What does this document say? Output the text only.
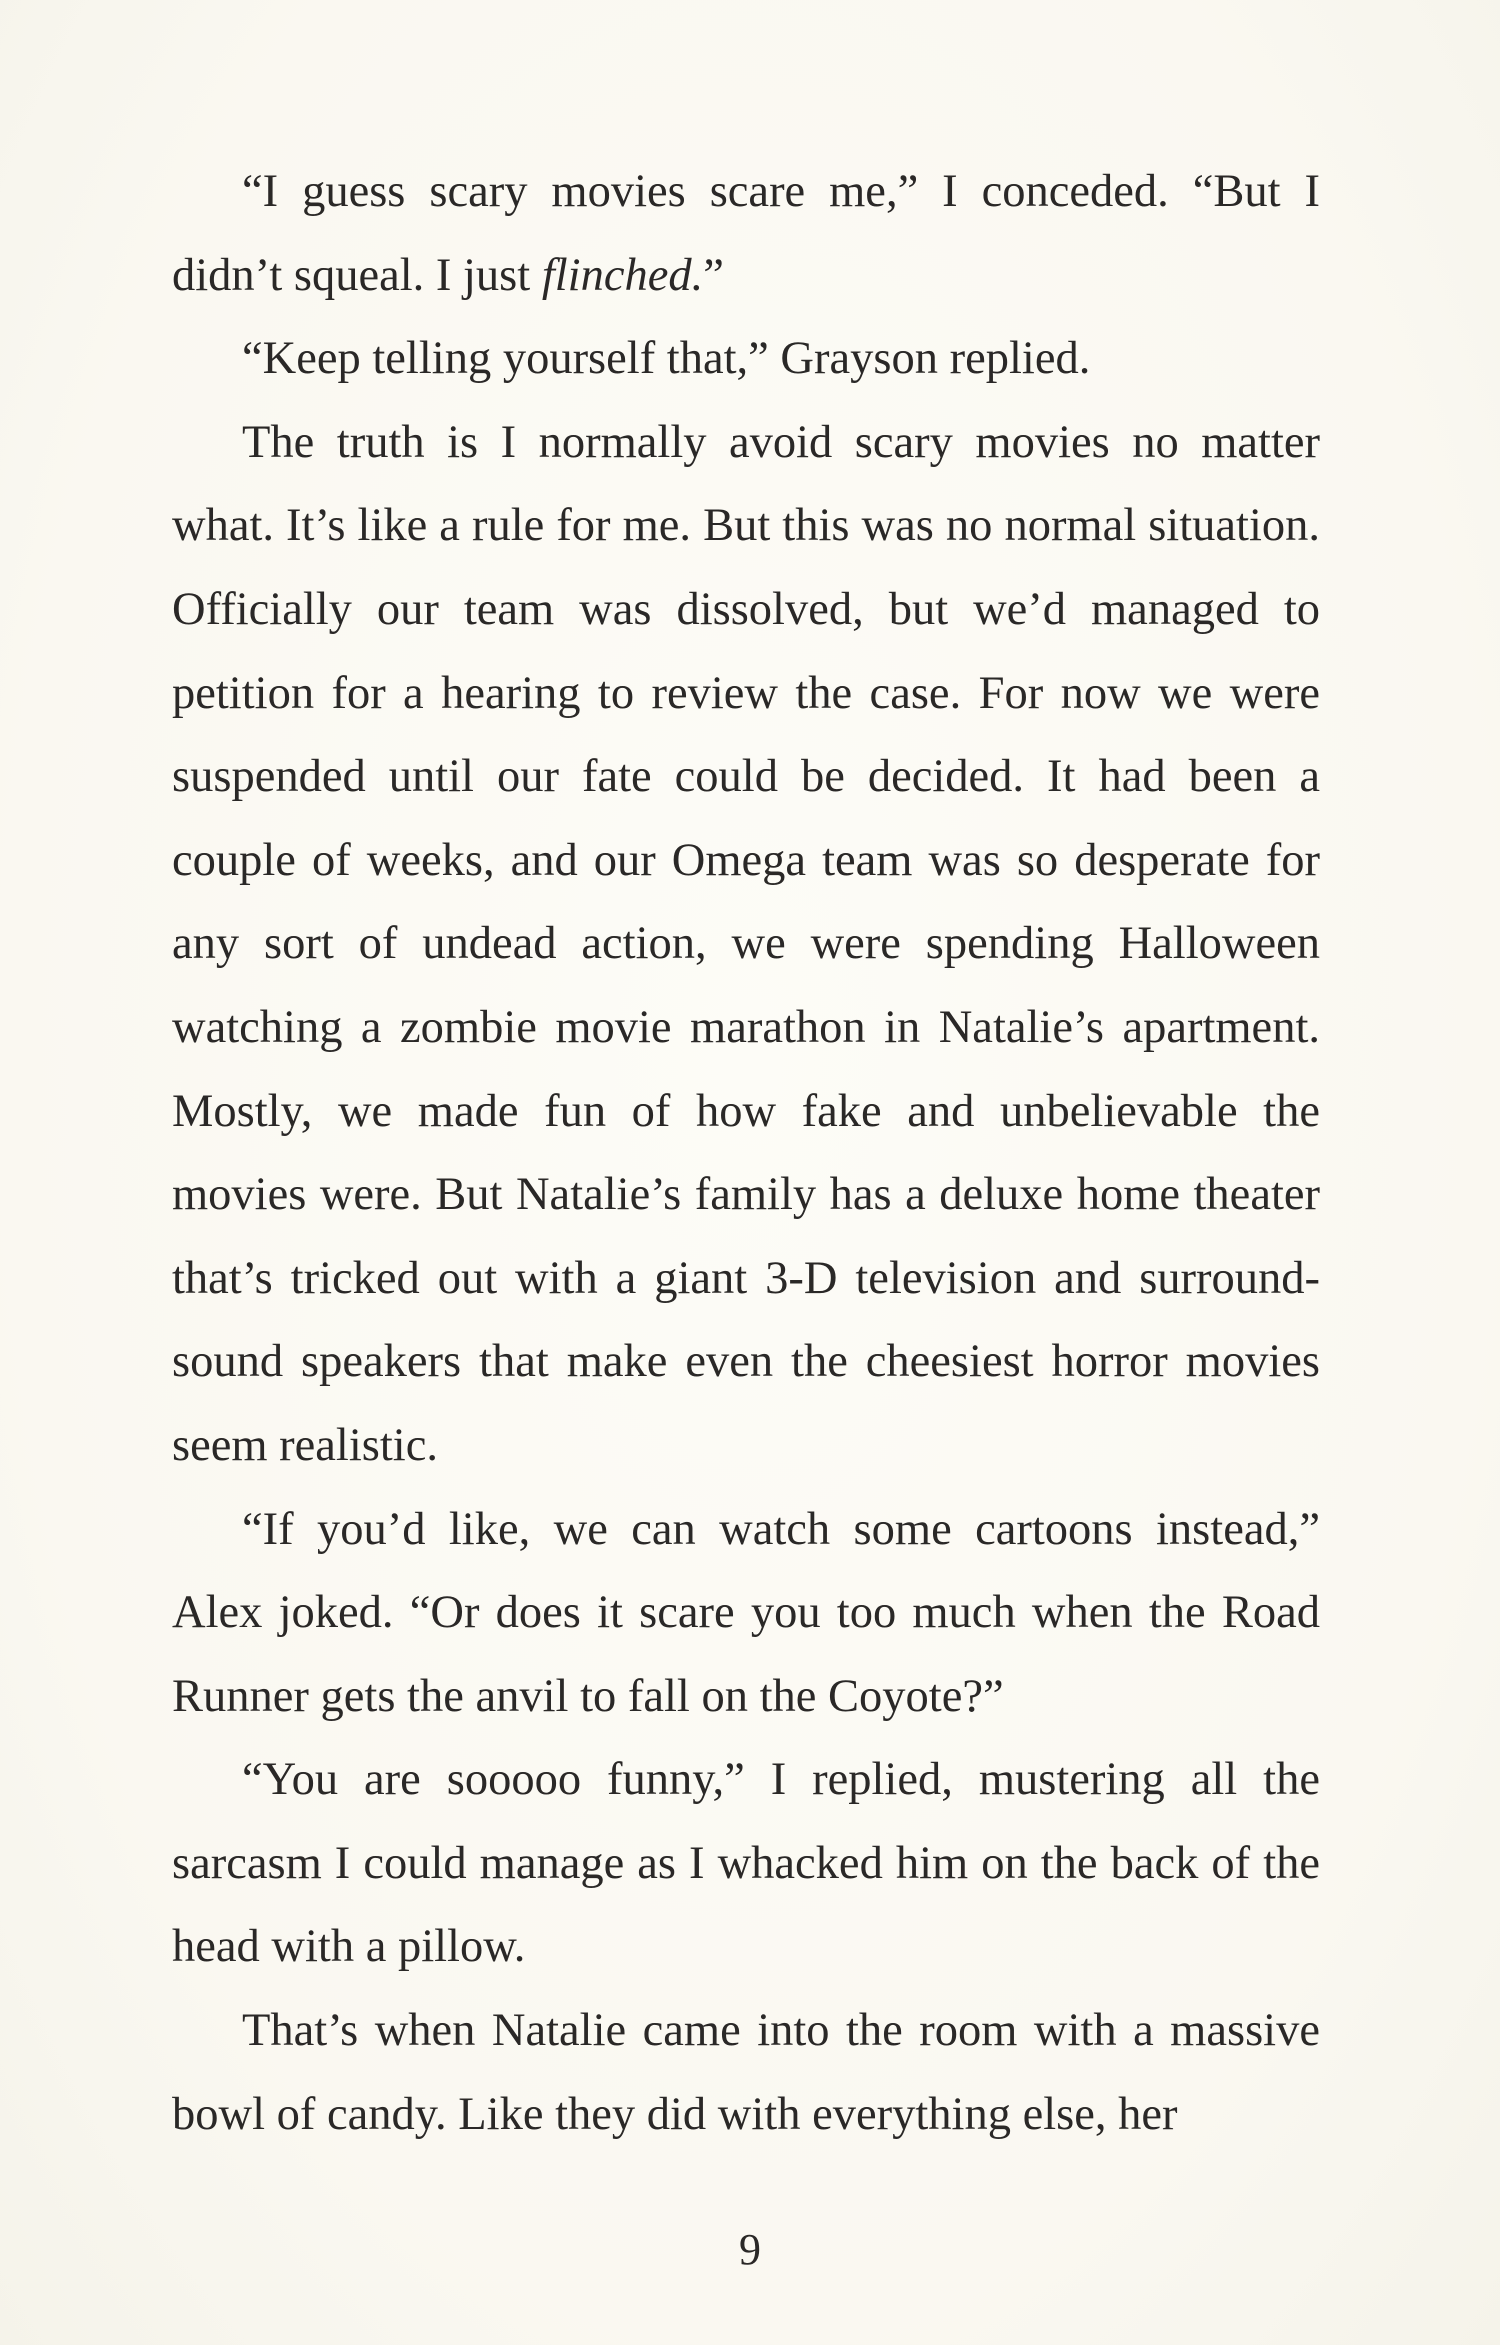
“I guess scary movies scare me,” I conceded. “But I didn’t squeal. I just flinched.”

“Keep telling yourself that,” Grayson replied.

The truth is I normally avoid scary movies no matter what. It’s like a rule for me. But this was no normal situation. Officially our team was dissolved, but we’d managed to petition for a hearing to review the case. For now we were suspended until our fate could be decided. It had been a couple of weeks, and our Omega team was so desperate for any sort of undead action, we were spending Halloween watching a zombie movie marathon in Natalie’s apartment. Mostly, we made fun of how fake and unbelievable the movies were. But Natalie’s family has a deluxe home theater that’s tricked out with a giant 3-D television and surround-sound speakers that make even the cheesiest horror movies seem realistic.

“If you’d like, we can watch some cartoons instead,” Alex joked. “Or does it scare you too much when the Road Runner gets the anvil to fall on the Coyote?”

“You are sooooo funny,” I replied, mustering all the sarcasm I could manage as I whacked him on the back of the head with a pillow.

That’s when Natalie came into the room with a massive bowl of candy. Like they did with everything else, her

9
